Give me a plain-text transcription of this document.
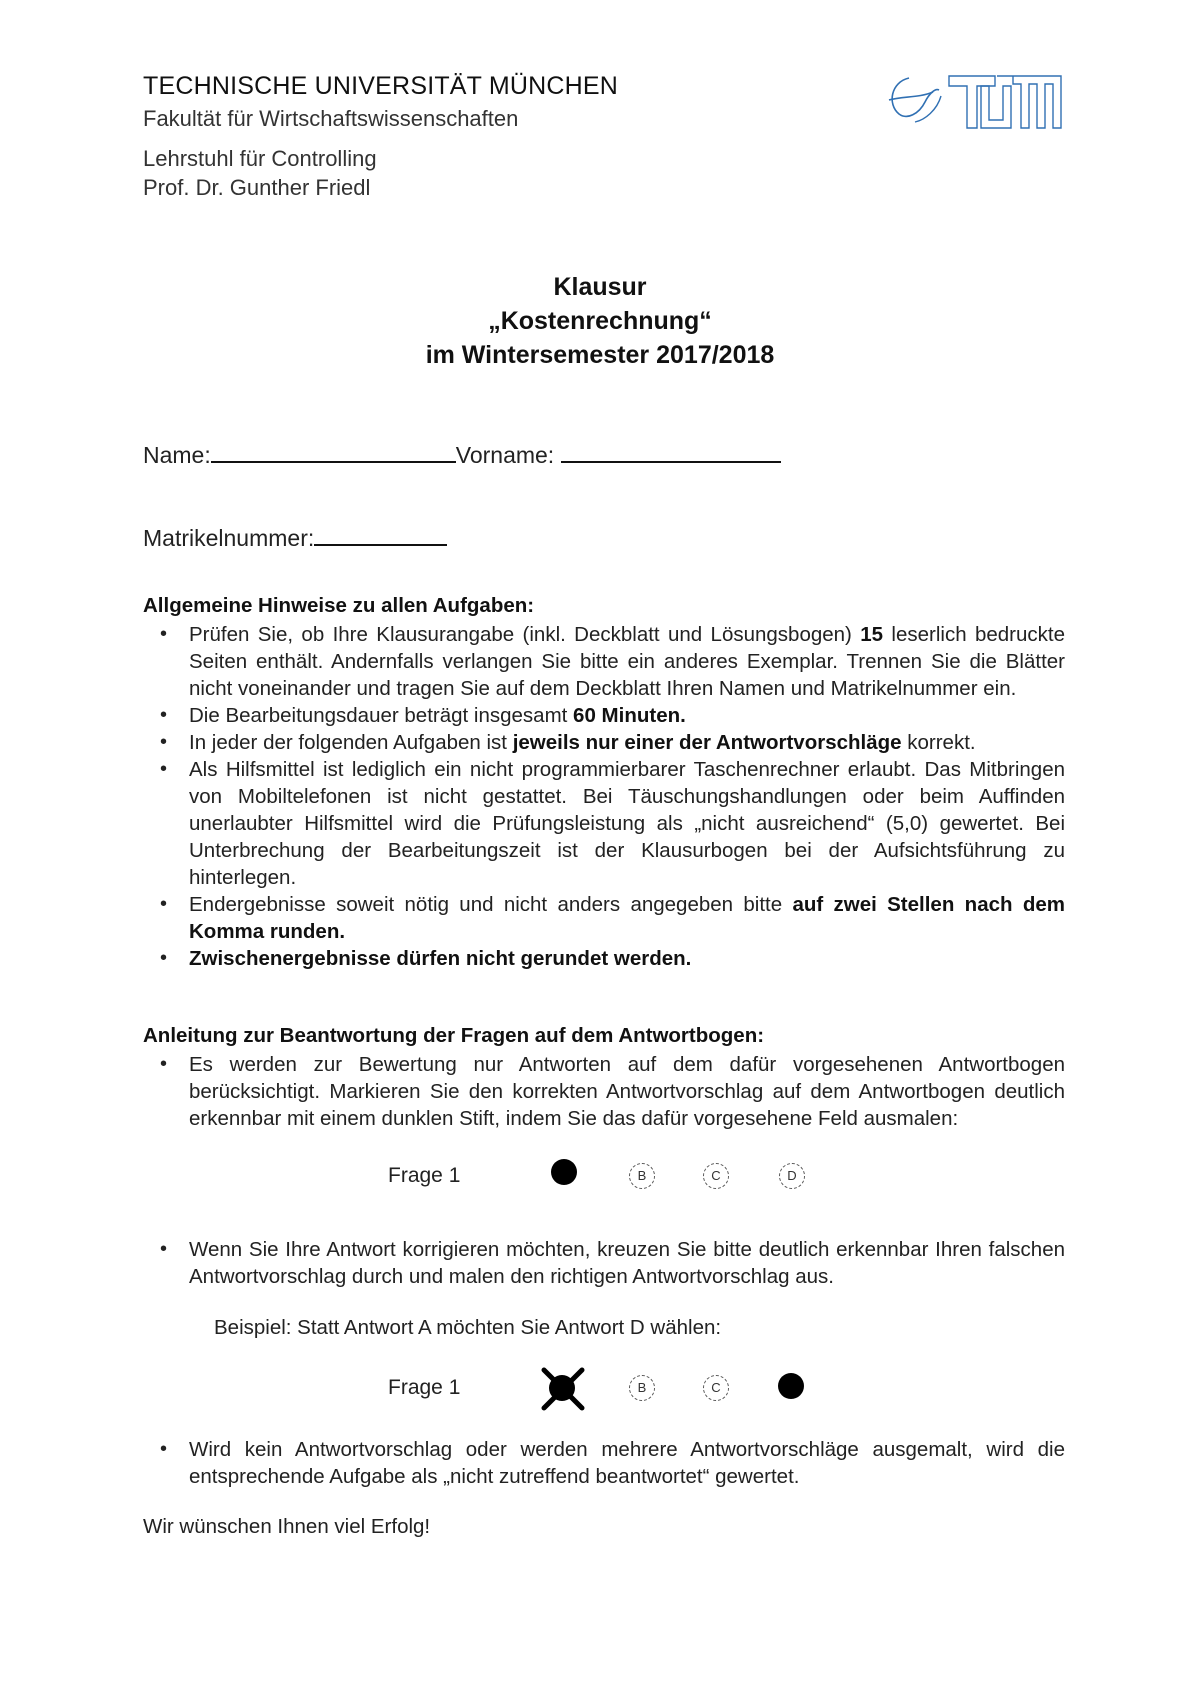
TECHNISCHE UNIVERSITÄT MÜNCHEN
Fakultät für Wirtschaftswissenschaften
Lehrstuhl für Controlling
Prof. Dr. Gunther Friedl
Klausur
„Kostenrechnung“
im Wintersemester 2017/2018
Name:	Vorname:
Matrikelnummer:
Allgemeine Hinweise zu allen Aufgaben:
• Prüfen Sie, ob Ihre Klausurangabe (inkl. Deckblatt und Lösungsbogen) 15 leserlich bedruckte Seiten enthält. Andernfalls verlangen Sie bitte ein anderes Exemplar. Trennen Sie die Blätter nicht voneinander und tragen Sie auf dem Deckblatt Ihren Namen und Matrikelnummer ein.
• Die Bearbeitungsdauer beträgt insgesamt 60 Minuten.
• In jeder der folgenden Aufgaben ist jeweils nur einer der Antwortvorschläge korrekt.
• Als Hilfsmittel ist lediglich ein nicht programmierbarer Taschenrechner erlaubt. Das Mitbringen von Mobiltelefonen ist nicht gestattet. Bei Täuschungshandlungen oder beim Auffinden unerlaubter Hilfsmittel wird die Prüfungsleistung als „nicht ausreichend“ (5,0) gewertet. Bei Unterbrechung der Bearbeitungszeit ist der Klausurbogen bei der Aufsichtsführung zu hinterlegen.
• Endergebnisse soweit nötig und nicht anders angegeben bitte auf zwei Stellen nach dem Komma runden.
• Zwischenergebnisse dürfen nicht gerundet werden.
Anleitung zur Beantwortung der Fragen auf dem Antwortbogen:
• Es werden zur Bewertung nur Antworten auf dem dafür vorgesehenen Antwortbogen berücksichtigt. Markieren Sie den korrekten Antwortvorschlag auf dem Antwortbogen deutlich erkennbar mit einem dunklen Stift, indem Sie das dafür vorgesehene Feld ausmalen:
Frage 1	B	C	D
• Wenn Sie Ihre Antwort korrigieren möchten, kreuzen Sie bitte deutlich erkennbar Ihren falschen Antwortvorschlag durch und malen den richtigen Antwortvorschlag aus.
Beispiel: Statt Antwort A möchten Sie Antwort D wählen:
Frage 1	B	C
• Wird kein Antwortvorschlag oder werden mehrere Antwortvorschläge ausgemalt, wird die entsprechende Aufgabe als „nicht zutreffend beantwortet“ gewertet.
Wir wünschen Ihnen viel Erfolg!
